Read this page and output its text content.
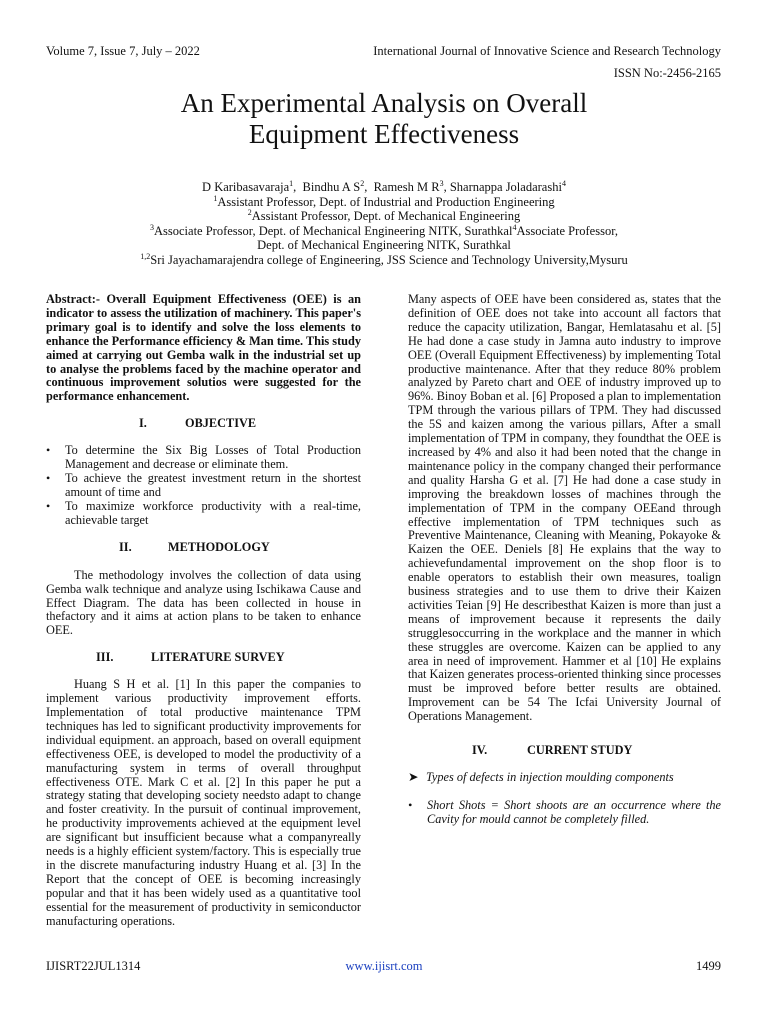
Volume 7, Issue 7, July – 2022	International Journal of Innovative Science and Research Technology
ISSN No:-2456-2165
An Experimental Analysis on Overall
Equipment Effectiveness
D Karibasavaraja$^1$,  Bindhu A $S^2$,  Ramesh M $R^3$, Sharnappa Joladarashi$^4$
$^1$Assistant Professor, Dept. of Industrial and Production Engineering
$^2$Assistant Professor, Dept. of Mechanical Engineering
$^3$Associate Professor, Dept. of Mechanical Engineering NITK, Surathkal$^4$Associate Professor,
Dept. of Mechanical Engineering NITK, Surathkal
$^{1,2}$Sri Jayachamarajendra college of Engineering, JSS Science and Technology University,Mysuru

Abstract:- Overall Equipment Effectiveness (OEE) is an indicator to assess the utilization of machinery. This paper's primary goal is to identify and solve the loss elements to enhance the Performance efficiency & Man time. This study aimed at carrying out Gemba walk in the industrial set up to analyse the problems faced by the machine operator and continuous improvement solutios were suggested for the performance enhancement.

I.	OBJECTIVE
• To determine the Six Big Losses of Total Production Management and decrease or eliminate them.
• To achieve the greatest investment return in the shortest amount of time and
• To maximize workforce productivity with a real-time, achievable target
II.	METHODOLOGY

The methodology involves the collection of data using Gemba walk technique and analyze using Ischikawa Cause and Effect Diagram. The data has been collected in house in thefactory and it aims at action plans to be taken to enhance OEE.

III.	LITERATURE SURVEY

Huang S H et al. [1] In this paper the companies to implement various productivity improvement efforts. Implementation of total productive maintenance TPM techniques has led to significant productivity improvements for individual equipment. an approach, based on overall equipment effectiveness OEE, is developed to model the productivity of a manufacturing system in terms of overall throughput effectiveness OTE. Mark C et al. [2] In this paper he put a strategy stating that developing society needsto adapt to change and foster creativity. In the pursuit of continual improvement, he productivity improvements achieved at the equipment level are significant but insufficient because what a companyreally needs is a highly efficient system/factory. This is especially true in the discrete manufacturing industry Huang et al. [3] In the Report that the concept of OEE is becoming increasingly popular and that it has been widely used as a quantitative tool essential for the measurement of productivity in semiconductor manufacturing operations.

Many aspects of OEE have been considered as, states that the definition of OEE does not take into account all factors that reduce the capacity utilization, Bangar, Hemlatasahu et al. [5] He had done a case study in Jamna auto industry to improve OEE (Overall Equipment Effectiveness) by implementing Total productive maintenance. After that they reduce 80% problem analyzed by Pareto chart and OEE of industry improved up to 96%. Binoy Boban et al. [6] Proposed a plan to implementation TPM through the various pillars of TPM. They had discussed the 5S and kaizen among the various pillars, After a small implementation of TPM in company, they foundthat the OEE is increased by 4% and also it had been noted that the change in maintenance policy in the company changed their performance and quality Harsha G et al. [7] He had done a case study in improving the breakdown losses of machines through the implementation of TPM in the company OEEand through effective implementation of TPM techniques such as Preventive Maintenance, Cleaning with Meaning, Pokayoke & Kaizen the OEE. Deniels [8] He explains that the way to achievefundamental improvement on the shop floor is to enable operators to establish their own measures, toalign business strategies and to use them to drive their Kaizen activities Teian [9] He describesthat Kaizen is more than just a means of improvement because it represents the daily strugglesoccurring in the workplace and the manner in which these struggles are overcome. Kaizen can be applied to any area in need of improvement. Hammer et al [10] He explains that Kaizen generates process-oriented thinking since processes must be improved before better results are obtained. Improvement can be 54 The Icfai University Journal of Operations Management.

IV.	CURRENT STUDY
➤ Types of defects in injection moulding components
• Short Shots = Short shoots are an occurrence where the Cavity for mould cannot be completely filled.
IJISRT22JUL1314	www.ijisrt.com	1499
